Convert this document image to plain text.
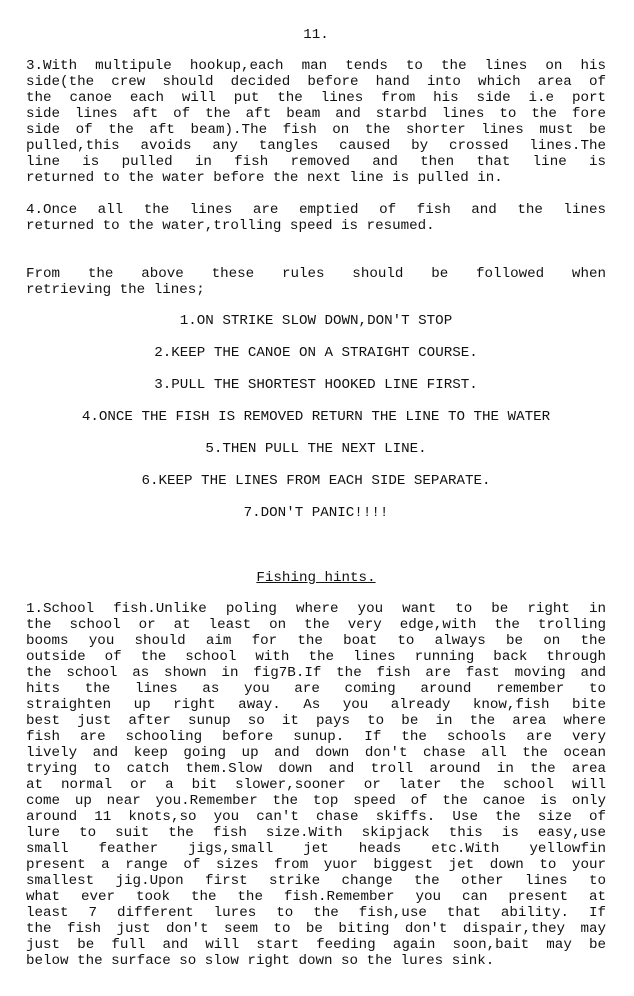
11.
3.With multipule hookup,each man tends to the lines on his
side(the crew should decided before hand into which area of
the canoe each will put the lines from his side i.e port
side lines aft of the aft beam and starbd lines to the fore
side of the aft beam).The fish on the shorter lines must be
pulled,this avoids any tangles caused by crossed lines.The
line is pulled in fish removed and then that line is
returned to the water before the next line is pulled in.
4.Once all the lines are emptied of fish and the lines
returned to the water,trolling speed is resumed.
From the above these rules should be followed when
retrieving the lines;
1.ON STRIKE SLOW DOWN,DON'T STOP
2.KEEP THE CANOE ON A STRAIGHT COURSE.
3.PULL THE SHORTEST HOOKED LINE FIRST.
4.ONCE THE FISH IS REMOVED RETURN THE LINE TO THE WATER
5.THEN PULL THE NEXT LINE.
6.KEEP THE LINES FROM EACH SIDE SEPARATE.
7.DON'T PANIC!!!!
Fishing hints.
1.School fish.Unlike poling where you want to be right in
the school or at least on the very edge,with the trolling
booms you should aim for the boat to always be on the
outside of the school with the lines running back through
the school as shown in fig7B.If the fish are fast moving and
hits the lines as you are coming around remember to
straighten up right away. As you already know,fish bite
best just after sunup so it pays to be in the area where
fish are schooling before sunup. If the schools are very
lively and keep going up and down don't chase all the ocean
trying to catch them.Slow down and troll around in the area
at normal or a bit slower,sooner or later the school will
come up near you.Remember the top speed of the canoe is only
around 11 knots,so you can't chase skiffs. Use the size of
lure to suit the fish size.With skipjack this is easy,use
small feather jigs,small jet heads etc.With yellowfin
present a range of sizes from yuor biggest jet down to your
smallest jig.Upon first strike change the other lines to
what ever took the the fish.Remember you can present at
least 7 different lures to the fish,use that ability. If
the fish just don't seem to be biting don't dispair,they may
just be full and will start feeding again soon,bait may be
below the surface so slow right down so the lures sink.
